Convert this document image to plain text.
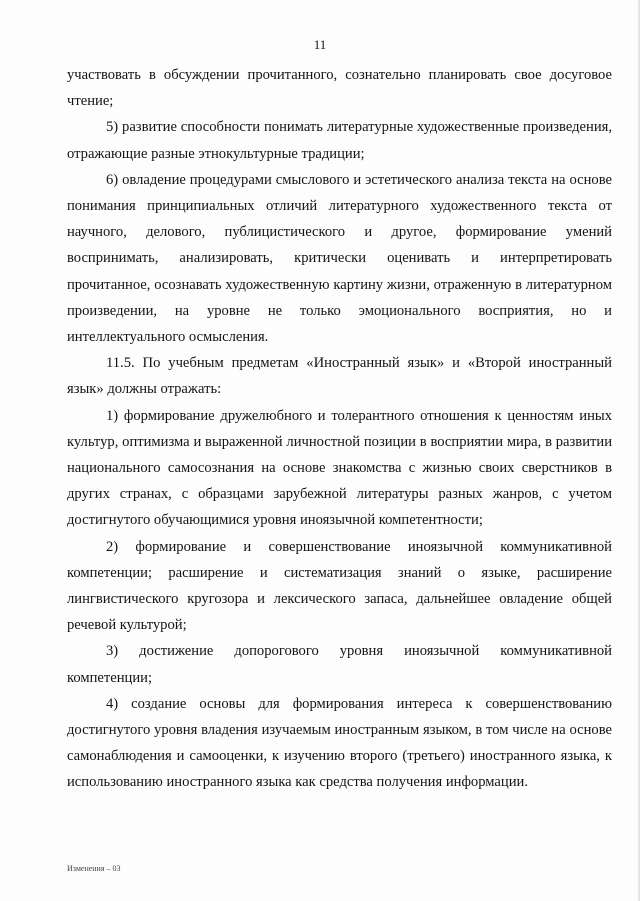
11

участвовать в обсуждении прочитанного, сознательно планировать свое досуговое чтение;

5) развитие способности понимать литературные художественные произведения, отражающие разные этнокультурные традиции;

6) овладение процедурами смыслового и эстетического анализа текста на основе понимания принципиальных отличий литературного художественного текста от научного, делового, публицистического и другое, формирование умений воспринимать, анализировать, критически оценивать и интерпретировать прочитанное, осознавать художественную картину жизни, отраженную в литературном произведении, на уровне не только эмоционального восприятия, но и интеллектуального осмысления.

11.5. По учебным предметам «Иностранный язык» и «Второй иностранный язык» должны отражать:

1) формирование дружелюбного и толерантного отношения к ценностям иных культур, оптимизма и выраженной личностной позиции в восприятии мира, в развитии национального самосознания на основе знакомства с жизнью своих сверстников в других странах, с образцами зарубежной литературы разных жанров, с учетом достигнутого обучающимися уровня иноязычной компетентности;

2) формирование и совершенствование иноязычной коммуникативной компетенции; расширение и систематизация знаний о языке, расширение лингвистического кругозора и лексического запаса, дальнейшее овладение общей речевой культурой;

3) достижение допорогового уровня иноязычной коммуникативной компетенции;

4) создание основы для формирования интереса к совершенствованию достигнутого уровня владения изучаемым иностранным языком, в том числе на основе самонаблюдения и самооценки, к изучению второго (третьего) иностранного языка, к использованию иностранного языка как средства получения информации.

Изменения – 03
